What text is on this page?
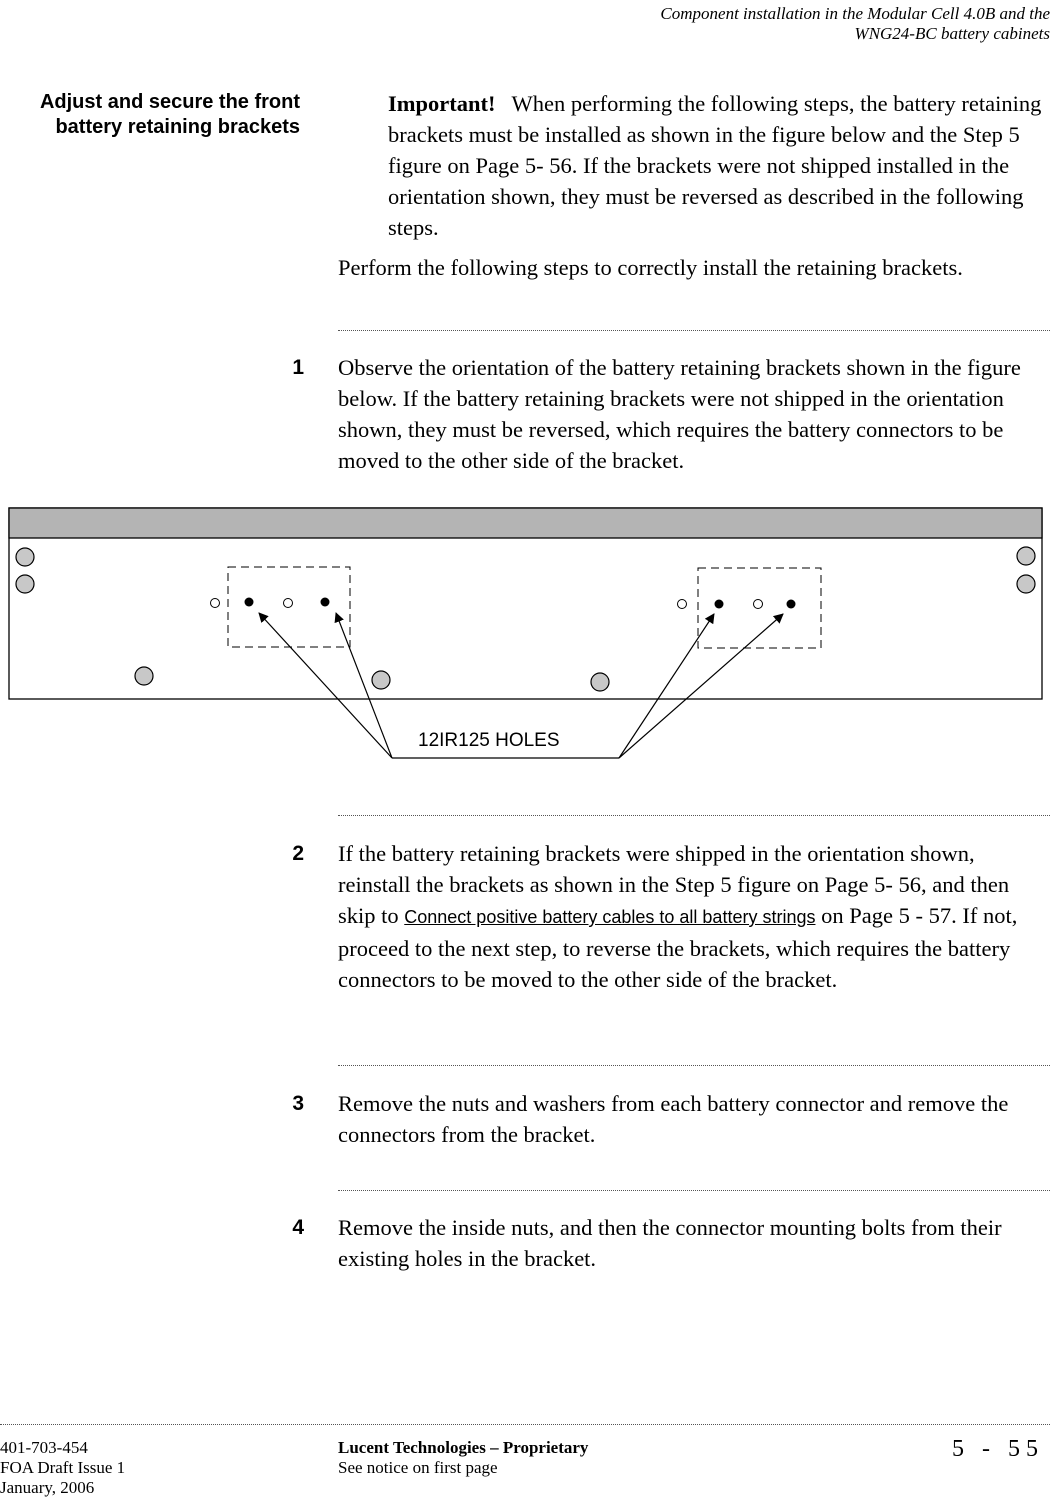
Component installation in the Modular Cell 4.0B and the
WNG24-BC battery cabinets
Adjust and secure the front
battery retaining brackets
Important! When performing the following steps, the battery retaining brackets must be installed as shown in the figure below and the Step 5 figure on Page 5- 56. If the brackets were not shipped installed in the orientation shown, they must be reversed as described in the following steps.
Perform the following steps to correctly install the retaining brackets.
1 Observe the orientation of the battery retaining brackets shown in the figure below. If the battery retaining brackets were not shipped in the orientation shown, they must be reversed, which requires the battery connectors to be moved to the other side of the bracket.
12IR125 HOLES
2 If the battery retaining brackets were shipped in the orientation shown, reinstall the brackets as shown in the Step 5 figure on Page 5- 56, and then skip to Connect positive battery cables to all battery strings on Page 5 - 57. If not, proceed to the next step, to reverse the brackets, which requires the battery connectors to be moved to the other side of the bracket.
3 Remove the nuts and washers from each battery connector and remove the connectors from the bracket.
4 Remove the inside nuts, and then the connector mounting bolts from their existing holes in the bracket.
401-703-454
FOA Draft Issue 1
January, 2006
Lucent Technologies – Proprietary
See notice on first page
5 - 55
